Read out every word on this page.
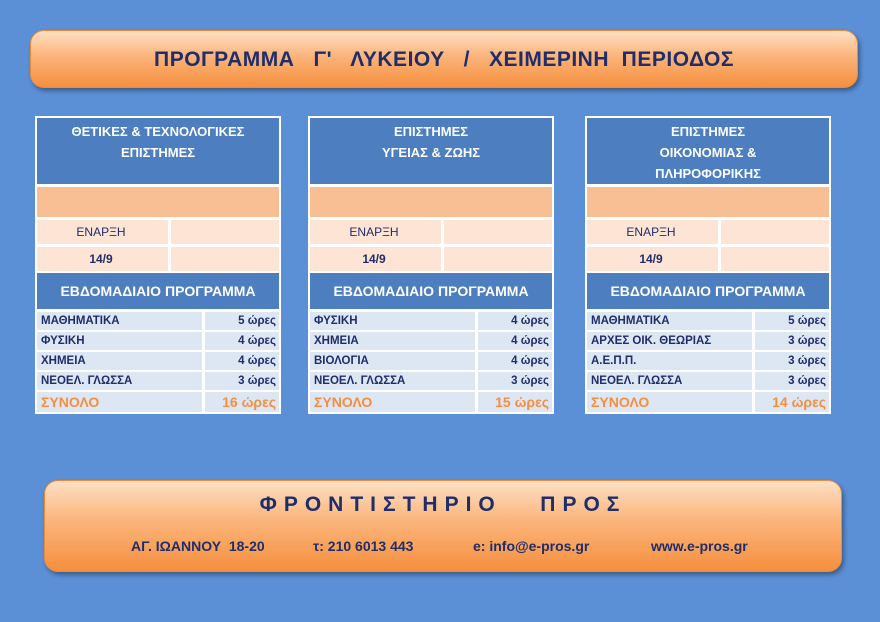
ΠΡΟΓΡΑΜΜΑ   Γ'   ΛΥΚΕΙΟΥ   /   ΧΕΙΜΕΡΙΝΗ  ΠΕΡΙΟΔΟΣ
ΘΕΤΙΚΕΣ & ΤΕΧΝΟΛΟΓΙΚΕΣ
ΕΠΙΣΤΗΜΕΣ
ΕΝΑΡΞΗ
14/9
ΕΒΔΟΜΑΔΙΑΙΟ ΠΡΟΓΡΑΜΜΑ
ΜΑΘΗΜΑΤΙΚΑ	5 ώρες
ΦΥΣΙΚΗ	4 ώρες
ΧΗΜΕΙΑ	4 ώρες
ΝΕΟΕΛ. ΓΛΩΣΣΑ	3 ώρες
ΣΥΝΟΛΟ	16 ώρες
ΕΠΙΣΤΗΜΕΣ
ΥΓΕΙΑΣ & ΖΩΗΣ
ΕΝΑΡΞΗ
14/9
ΕΒΔΟΜΑΔΙΑΙΟ ΠΡΟΓΡΑΜΜΑ
ΦΥΣΙΚΗ	4 ώρες
ΧΗΜΕΙΑ	4 ώρες
ΒΙΟΛΟΓΙΑ	4 ώρες
ΝΕΟΕΛ. ΓΛΩΣΣΑ	3 ώρες
ΣΥΝΟΛΟ	15 ώρες
ΕΠΙΣΤΗΜΕΣ
ΟΙΚΟΝΟΜΙΑΣ &
ΠΛΗΡΟΦΟΡΙΚΗΣ
ΕΝΑΡΞΗ
14/9
ΕΒΔΟΜΑΔΙΑΙΟ ΠΡΟΓΡΑΜΜΑ
ΜΑΘΗΜΑΤΙΚΑ	5 ώρες
ΑΡΧΕΣ ΟΙΚ. ΘΕΩΡΙΑΣ	3 ώρες
Α.Ε.Π.Π.	3 ώρες
ΝΕΟΕΛ. ΓΛΩΣΣΑ	3 ώρες
ΣΥΝΟΛΟ	14 ώρες
ΦΡΟΝΤΙΣΤΗΡΙΟ   ΠΡΟΣ
ΑΓ. ΙΩΑΝΝΟΥ  18-20	τ: 210 6013 443	e: info@e-pros.gr	www.e-pros.gr
